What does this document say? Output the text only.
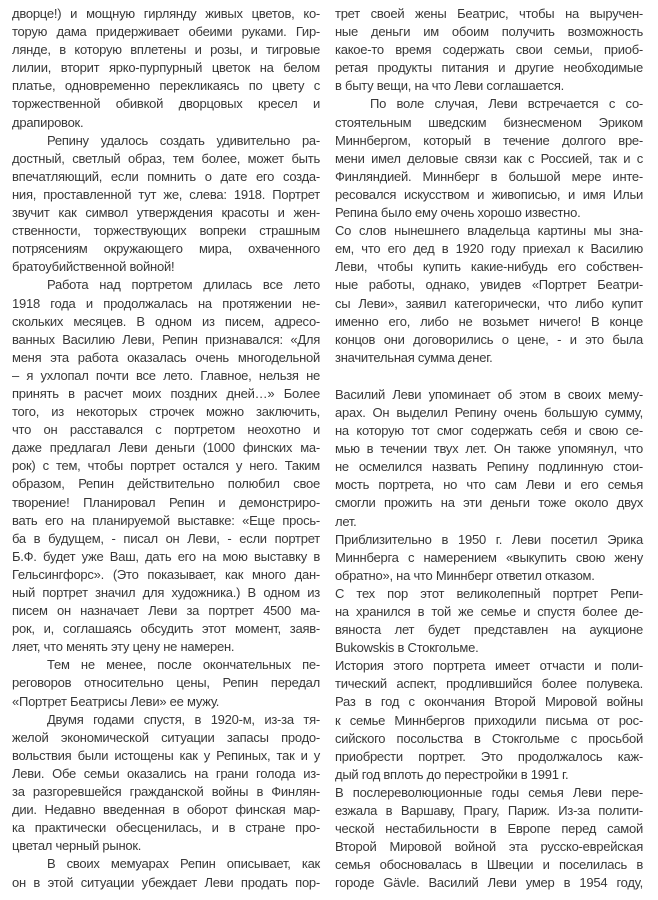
дворце!) и мощную гирлянду живых цветов, ко-
торую дама придерживает обеими руками. Гир-
лянде, в которую вплетены и розы, и тигровые
лилии, вторит ярко-пурпурный цветок на белом
платье, одновременно перекликаясь по цвету с
торжественной обивкой дворцовых кресел и
драпировок.
Репину удалось создать удивительно ра-
достный, светлый образ, тем более, может быть
впечатляющий, если помнить о дате его созда-
ния, проставленной тут же, слева: 1918. Портрет
звучит как символ утверждения красоты и жен-
ственности, торжествующих вопреки страшным
потрясениям окружающего мира, охваченного
братоубийственной войной!
Работа над портретом длилась все лето
1918 года и продолжалась на протяжении не-
скольких месяцев. В одном из писем, адресо-
ванных Василию Леви, Репин признавался: «Для
меня эта работа оказалась очень многодельной
– я ухлопал почти все лето. Главное, нельзя не
принять в расчет моих поздних дней…» Более
того, из некоторых строчек можно заключить,
что он расставался с портретом неохотно и
даже предлагал Леви деньги (1000 финских ма-
рок) с тем, чтобы портрет остался у него. Таким
образом, Репин действительно полюбил свое
творение! Планировал Репин и демонстриро-
вать его на планируемой выставке: «Еще прось-
ба в будущем, - писал он Леви, - если портрет
Б.Ф. будет уже Ваш, дать его на мою выставку в
Гельсингфорс». (Это показывает, как много дан-
ный портрет значил для художника.) В одном из
писем он назначает Леви за портрет 4500 ма-
рок, и, соглашаясь обсудить этот момент, заяв-
ляет, что менять эту цену не намерен.
Тем не менее, после окончательных пе-
реговоров относительно цены, Репин передал
«Портрет Беатрисы Леви» ее мужу.
Двумя годами спустя, в 1920-м, из-за тя-
желой экономической ситуации запасы продо-
вольствия были истощены как у Репиных, так и у
Леви. Обе семьи оказались на грани голода из-
за разгоревшейся гражданской войны в Финлян-
дии. Недавно введенная в оборот финская мар-
ка практически обесценилась, и в стране про-
цветал черный рынок.
В своих мемуарах Репин описывает, как
он в этой ситуации убеждает Леви продать пор-
трет своей жены Беатрис, чтобы на выручен-
ные деньги им обоим получить возможность
какое-то время содержать свои семьи, приоб-
ретая продукты питания и другие необходимые
в быту вещи, на что Леви соглашается.
По воле случая, Леви встречается с со-
стоятельным шведским бизнесменом Эриком
Миннбергом, который в течение долгого вре-
мени имел деловые связи как с Россией, так и с
Финляндией. Миннберг в большой мере инте-
ресовался искусством и живописью, и имя Ильи
Репина было ему очень хорошо известно.
Со слов нынешнего владельца картины мы зна-
ем, что его дед в 1920 году приехал к Василию
Леви, чтобы купить какие-нибудь его собствен-
ные работы, однако, увидев «Портрет Беатри-
сы Леви», заявил категорически, что либо купит
именно его, либо не возьмет ничего! В конце
концов они договорились о цене, - и это была
значительная сумма денег.
Василий Леви упоминает об этом в своих мему-
арах. Он выделил Репину очень большую сумму,
на которую тот смог содержать себя и свою се-
мью в течении твух лет. Он также упомянул, что
не осмелился назвать Репину подлинную стои-
мость портрета, но что сам Леви и его семья
смогли прожить на эти деньги тоже около двух
лет.
Приблизительно в 1950 г. Леви посетил Эрика
Миннберга с намерением «выкупить свою жену
обратно», на что Миннберг ответил отказом.
С тех пор этот великолепный портрет Репи-
на хранился в той же семье и спустя более де-
вяноста лет будет представлен на аукционе
Bukowskis в Стокгольме.
История этого портрета имеет отчасти и поли-
тический аспект, продлившийся более полувека.
Раз в год с окончания Второй Мировой войны
к семье Миннбергов приходили письма от рос-
сийского посольства в Стокгольме с просьбой
приобрести портрет. Это продолжалось каж-
дый год вплоть до перестройки в 1991 г.
В послереволюционные годы семья Леви пере-
езжала в Варшаву, Прагу, Париж. Из-за полити-
ческой нестабильности в Европе перед самой
Второй Мировой войной эта русско-еврейская
семья обосновалась в Швеции и поселилась в
городе Gävle. Василий Леви умер в 1954 году,
